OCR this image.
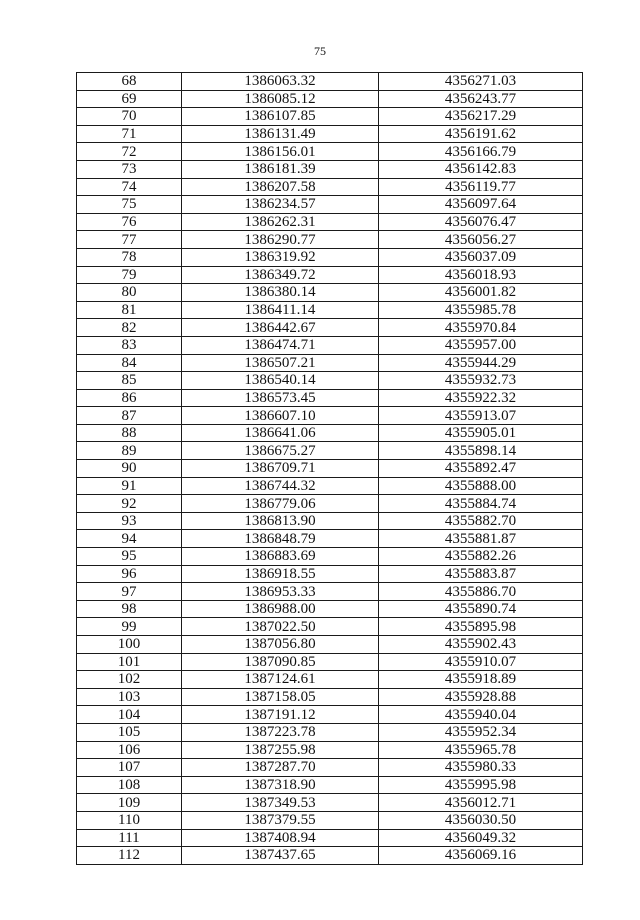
75
68	1386063.32	4356271.03
69	1386085.12	4356243.77
70	1386107.85	4356217.29
71	1386131.49	4356191.62
72	1386156.01	4356166.79
73	1386181.39	4356142.83
74	1386207.58	4356119.77
75	1386234.57	4356097.64
76	1386262.31	4356076.47
77	1386290.77	4356056.27
78	1386319.92	4356037.09
79	1386349.72	4356018.93
80	1386380.14	4356001.82
81	1386411.14	4355985.78
82	1386442.67	4355970.84
83	1386474.71	4355957.00
84	1386507.21	4355944.29
85	1386540.14	4355932.73
86	1386573.45	4355922.32
87	1386607.10	4355913.07
88	1386641.06	4355905.01
89	1386675.27	4355898.14
90	1386709.71	4355892.47
91	1386744.32	4355888.00
92	1386779.06	4355884.74
93	1386813.90	4355882.70
94	1386848.79	4355881.87
95	1386883.69	4355882.26
96	1386918.55	4355883.87
97	1386953.33	4355886.70
98	1386988.00	4355890.74
99	1387022.50	4355895.98
100	1387056.80	4355902.43
101	1387090.85	4355910.07
102	1387124.61	4355918.89
103	1387158.05	4355928.88
104	1387191.12	4355940.04
105	1387223.78	4355952.34
106	1387255.98	4355965.78
107	1387287.70	4355980.33
108	1387318.90	4355995.98
109	1387349.53	4356012.71
110	1387379.55	4356030.50
111	1387408.94	4356049.32
112	1387437.65	4356069.16
